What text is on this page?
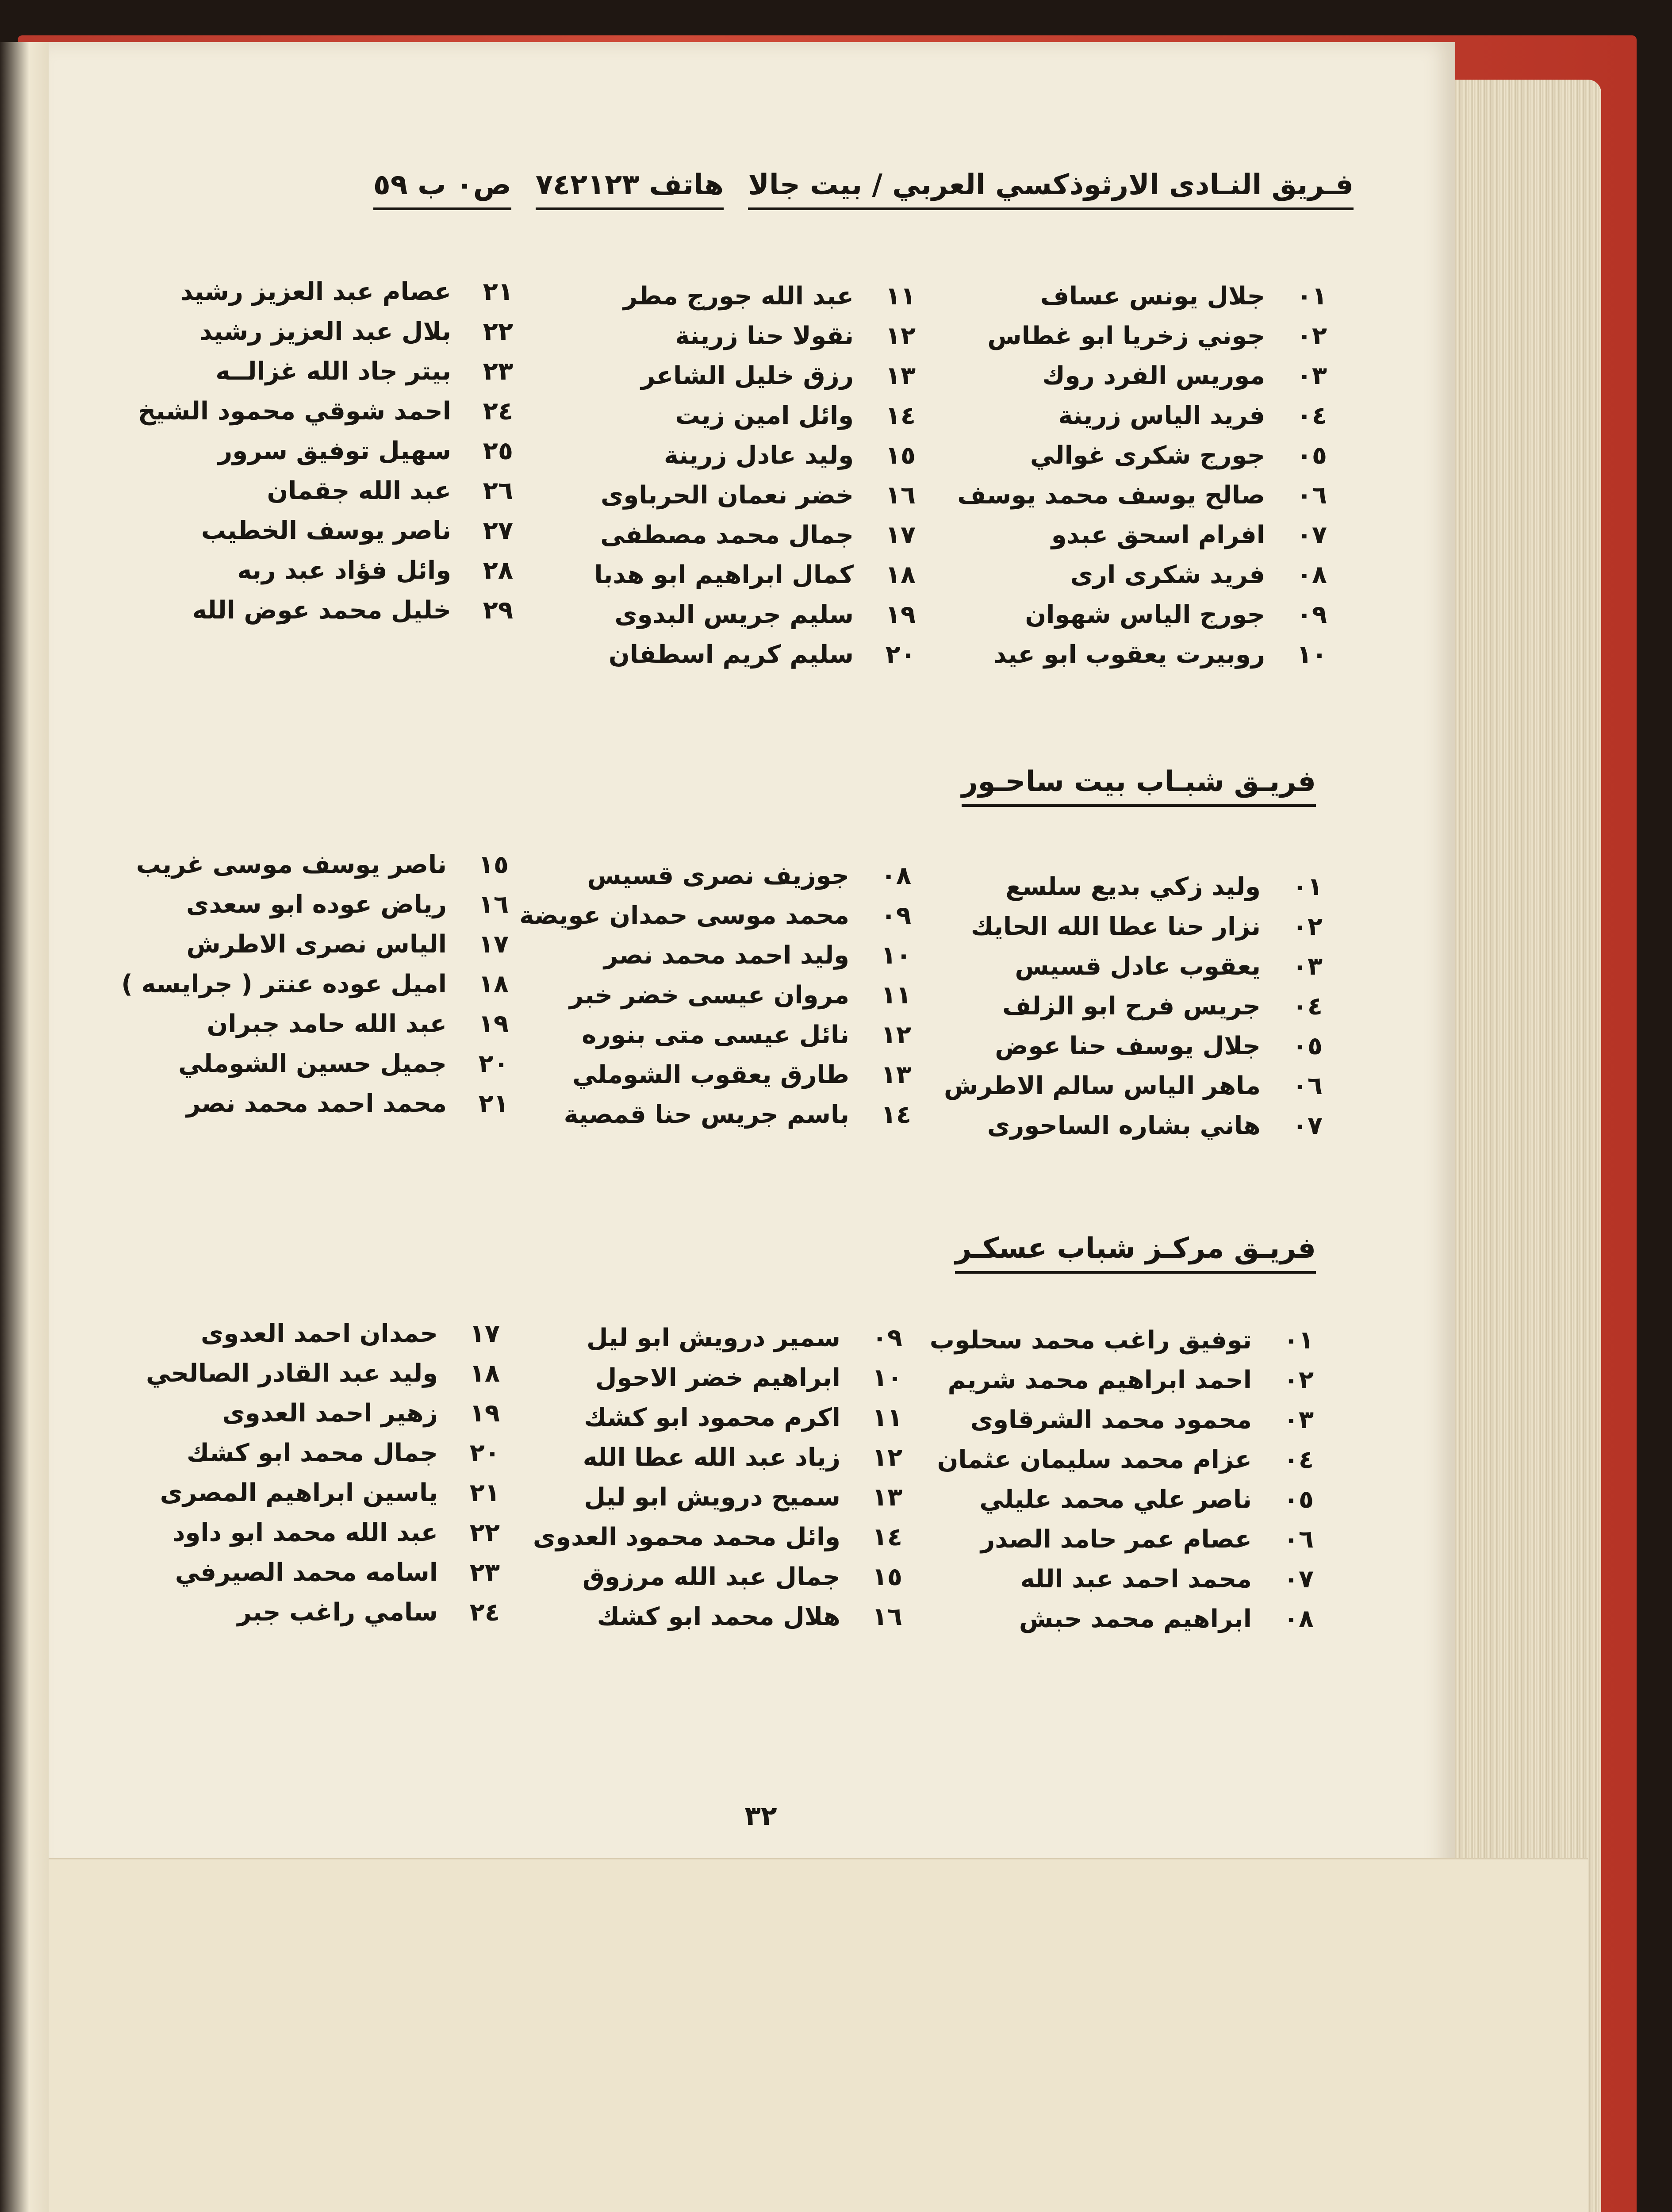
فـريق النـادى الارثوذكسي العربي / بيت جالا
هاتف ٧٤٢١٢٣
ص٠ ب ٥٩
٠١جلال يونس عساف
٠٢جوني زخريا ابو غطاس
٠٣موريس الفرد روك
٠٤فريد الياس زرينة
٠٥جورج شكرى غوالي
٠٦صالح يوسف محمد يوسف
٠٧افرام اسحق عبدو
٠٨فريد شكرى ارى
٠٩جورج الياس شهوان
١٠روبيرت يعقوب ابو عيد
١١عبد الله جورج مطر
١٢نقولا حنا زرينة
١٣رزق خليل الشاعر
١٤وائل امين زيت
١٥وليد عادل زرينة
١٦خضر نعمان الحرباوى
١٧جمال محمد مصطفى
١٨كمال ابراهيم ابو هدبا
١٩سليم جريس البدوى
٢٠سليم كريم اسطفان
٢١عصام عبد العزيز رشيد
٢٢بلال عبد العزيز رشيد
٢٣بيتر جاد الله غزالــه
٢٤احمد شوقي محمود الشيخ
٢٥سهيل توفيق سرور
٢٦عبد الله جقمان
٢٧ناصر يوسف الخطيب
٢٨وائل فؤاد عبد ربه
٢٩خليل محمد عوض الله
فريـق شبـاب بيت ساحـور
٠١وليد زكي بديع سلسع
٠٢نزار حنا عطا الله الحايك
٠٣يعقوب عادل قسيس
٠٤جريس فرح ابو الزلف
٠٥جلال يوسف حنا عوض
٠٦ماهر الياس سالم الاطرش
٠٧هاني بشاره الساحورى
٠٨جوزيف نصرى قسيس
٠٩محمد موسى حمدان عويضة
١٠وليد احمد محمد نصر
١١مروان عيسى خضر خبر
١٢نائل عيسى متى بنوره
١٣طارق يعقوب الشوملي
١٤باسم جريس حنا قمصية
١٥ناصر يوسف موسى غريب
١٦رياض عوده ابو سعدى
١٧الياس نصرى الاطرش
١٨اميل عوده عنتر ( جرايسه )
١٩عبد الله حامد جبران
٢٠جميل حسين الشوملي
٢١محمد احمد محمد نصر
فريـق مركـز شباب عسكـر
٠١توفيق راغب محمد سحلوب
٠٢احمد ابراهيم محمد شريم
٠٣محمود محمد الشرقاوى
٠٤عزام محمد سليمان عثمان
٠٥ناصر علي محمد عليلي
٠٦عصام عمر حامد الصدر
٠٧محمد احمد عبد الله
٠٨ابراهيم محمد حبش
٠٩سمير درويش ابو ليل
١٠ابراهيم خضر الاحول
١١اكرم محمود ابو كشك
١٢زياد عبد الله عطا الله
١٣سميح درويش ابو ليل
١٤وائل محمد محمود العدوى
١٥جمال عبد الله مرزوق
١٦هلال محمد ابو كشك
١٧حمدان احمد العدوى
١٨وليد عبد القادر الصالحي
١٩زهير احمد العدوى
٢٠جمال محمد ابو كشك
٢١ياسين ابراهيم المصرى
٢٢عبد الله محمد ابو داود
٢٣اسامه محمد الصيرفي
٢٤سامي راغب جبر
٣٢
